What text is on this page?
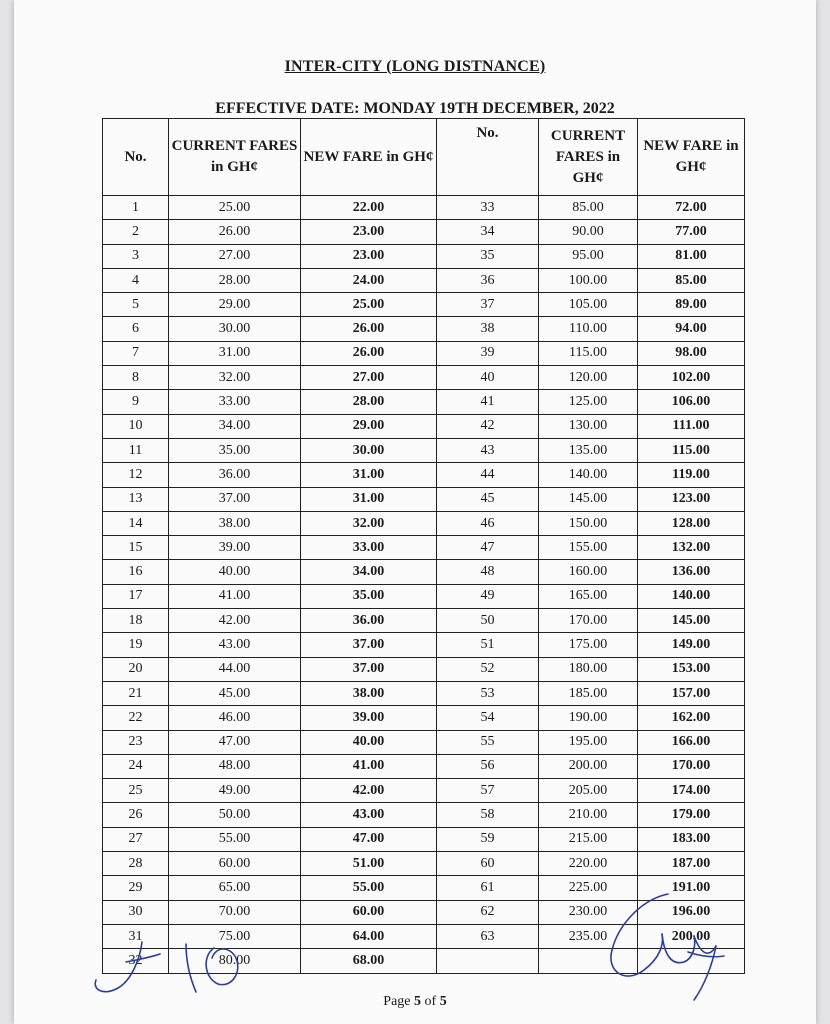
INTER-CITY (LONG DISTNANCE)
EFFECTIVE DATE: MONDAY 19TH DECEMBER, 2022
No.	CURRENT FARES in GH¢	NEW FARE in GH¢	No.	CURRENT FARES in GH¢	NEW FARE in GH¢
1	25.00	22.00	33	85.00	72.00
2	26.00	23.00	34	90.00	77.00
3	27.00	23.00	35	95.00	81.00
4	28.00	24.00	36	100.00	85.00
5	29.00	25.00	37	105.00	89.00
6	30.00	26.00	38	110.00	94.00
7	31.00	26.00	39	115.00	98.00
8	32.00	27.00	40	120.00	102.00
9	33.00	28.00	41	125.00	106.00
10	34.00	29.00	42	130.00	111.00
11	35.00	30.00	43	135.00	115.00
12	36.00	31.00	44	140.00	119.00
13	37.00	31.00	45	145.00	123.00
14	38.00	32.00	46	150.00	128.00
15	39.00	33.00	47	155.00	132.00
16	40.00	34.00	48	160.00	136.00
17	41.00	35.00	49	165.00	140.00
18	42.00	36.00	50	170.00	145.00
19	43.00	37.00	51	175.00	149.00
20	44.00	37.00	52	180.00	153.00
21	45.00	38.00	53	185.00	157.00
22	46.00	39.00	54	190.00	162.00
23	47.00	40.00	55	195.00	166.00
24	48.00	41.00	56	200.00	170.00
25	49.00	42.00	57	205.00	174.00
26	50.00	43.00	58	210.00	179.00
27	55.00	47.00	59	215.00	183.00
28	60.00	51.00	60	220.00	187.00
29	65.00	55.00	61	225.00	191.00
30	70.00	60.00	62	230.00	196.00
31	75.00	64.00	63	235.00	200.00
32	80.00	68.00			
Page 5 of 5
